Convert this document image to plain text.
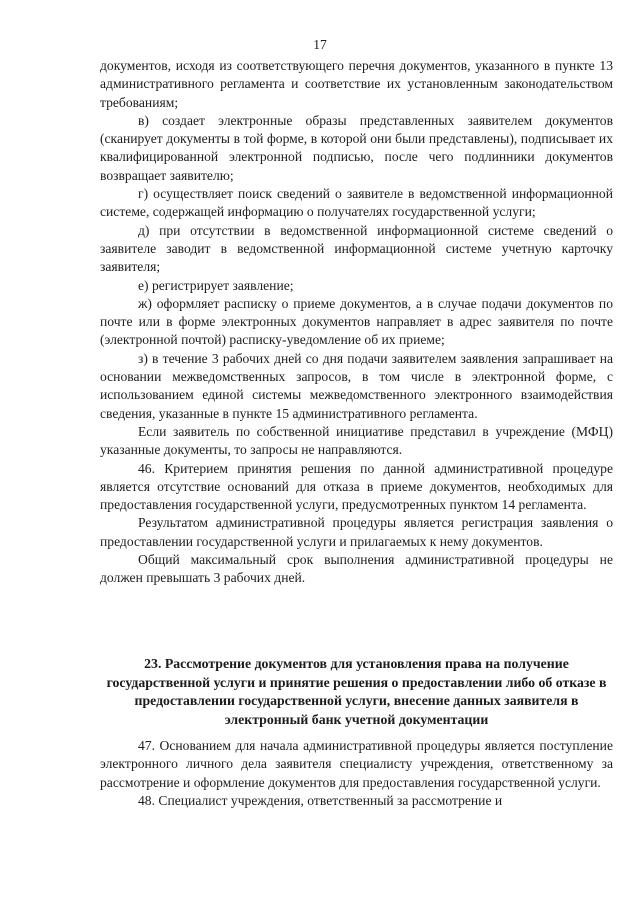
17

документов, исходя из соответствующего перечня документов, указанного в пункте 13 административного регламента и соответствие их установленным законодательством требованиям;

в) создает электронные образы представленных заявителем документов (сканирует документы в той форме, в которой они были представлены), подписывает их квалифицированной электронной подписью, после чего подлинники документов возвращает заявителю;

г) осуществляет поиск сведений о заявителе в ведомственной информационной системе, содержащей информацию о получателях государственной услуги;

д) при отсутствии в ведомственной информационной системе сведений о заявителе заводит в ведомственной информационной системе учетную карточку заявителя;

е) регистрирует заявление;

ж) оформляет расписку о приеме документов, а в случае подачи документов по почте или в форме электронных документов направляет в адрес заявителя по почте (электронной почтой) расписку-уведомление об их приеме;

з) в течение 3 рабочих дней со дня подачи заявителем заявления запрашивает на основании межведомственных запросов, в том числе в электронной форме, с использованием единой системы межведомственного электронного взаимодействия сведения, указанные в пункте 15 административного регламента.

Если заявитель по собственной инициативе представил в учреждение (МФЦ) указанные документы, то запросы не направляются.

46. Критерием принятия решения по данной административной процедуре является отсутствие оснований для отказа в приеме документов, необходимых для предоставления государственной услуги, предусмотренных пунктом 14 регламента.

Результатом административной процедуры является регистрация заявления о предоставлении государственной услуги и прилагаемых к нему документов.

Общий максимальный срок выполнения административной процедуры не должен превышать 3 рабочих дней.

23. Рассмотрение документов для установления права на получение государственной услуги и принятие решения о предоставлении либо об отказе в предоставлении государственной услуги, внесение данных заявителя в электронный банк учетной документации

47. Основанием для начала административной процедуры является поступление электронного личного дела заявителя специалисту учреждения, ответственному за рассмотрение и оформление документов для предоставления государственной услуги.

48. Специалист учреждения, ответственный за рассмотрение и
